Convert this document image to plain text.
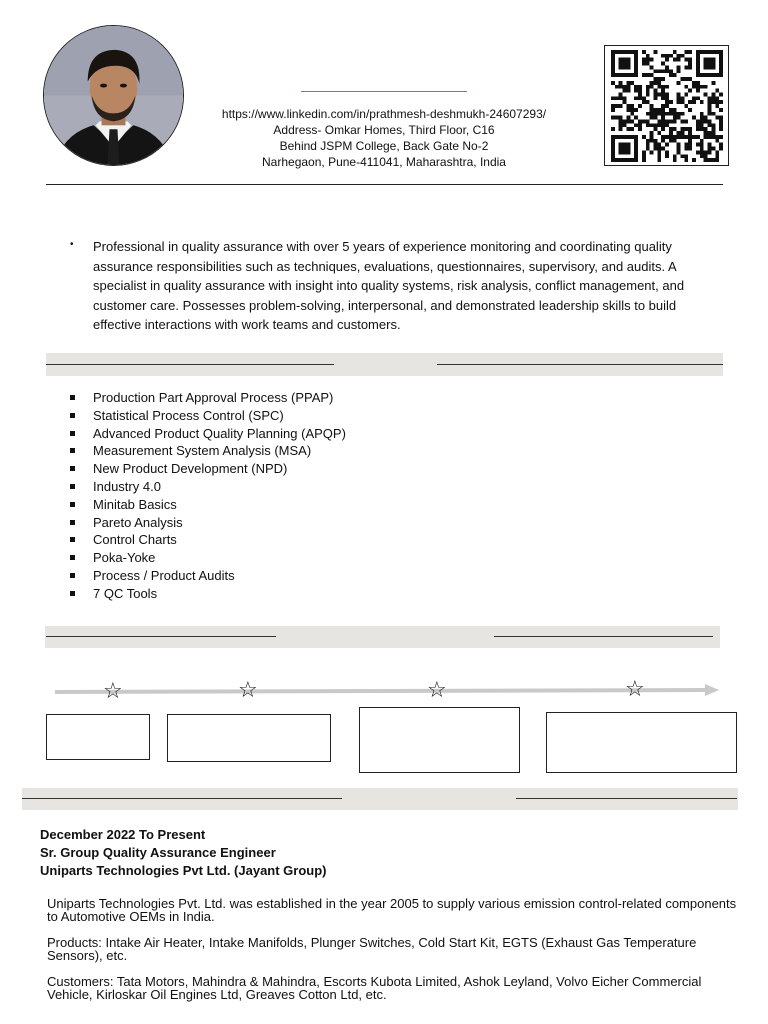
https://www.linkedin.com/in/prathmesh-deshmukh-24607293/
Address- Omkar Homes, Third Floor, C16
Behind JSPM College, Back Gate No-2
Narhegaon, Pune-411041, Maharashtra, India
• Professional in quality assurance with over 5 years of experience monitoring and coordinating quality assurance responsibilities such as techniques, evaluations, questionnaires, supervisory, and audits. A specialist in quality assurance with insight into quality systems, risk analysis, conflict management, and customer care. Possesses problem-solving, interpersonal, and demonstrated leadership skills to build effective interactions with work teams and customers.
Production Part Approval Process (PPAP)
Statistical Process Control (SPC)
Advanced Product Quality Planning (APQP)
Measurement System Analysis (MSA)
New Product Development (NPD)
Industry 4.0
Minitab Basics
Pareto Analysis
Control Charts
Poka-Yoke
Process / Product Audits
7 QC Tools
☆	☆	☆	☆
December 2022 To Present
Sr. Group Quality Assurance Engineer
Uniparts Technologies Pvt Ltd. (Jayant Group)
Uniparts Technologies Pvt. Ltd. was established in the year 2005 to supply various emission control-related components to Automotive OEMs in India.
Products: Intake Air Heater, Intake Manifolds, Plunger Switches, Cold Start Kit, EGTS (Exhaust Gas Temperature Sensors), etc.
Customers: Tata Motors, Mahindra & Mahindra, Escorts Kubota Limited, Ashok Leyland, Volvo Eicher Commercial Vehicle, Kirloskar Oil Engines Ltd, Greaves Cotton Ltd, etc.
